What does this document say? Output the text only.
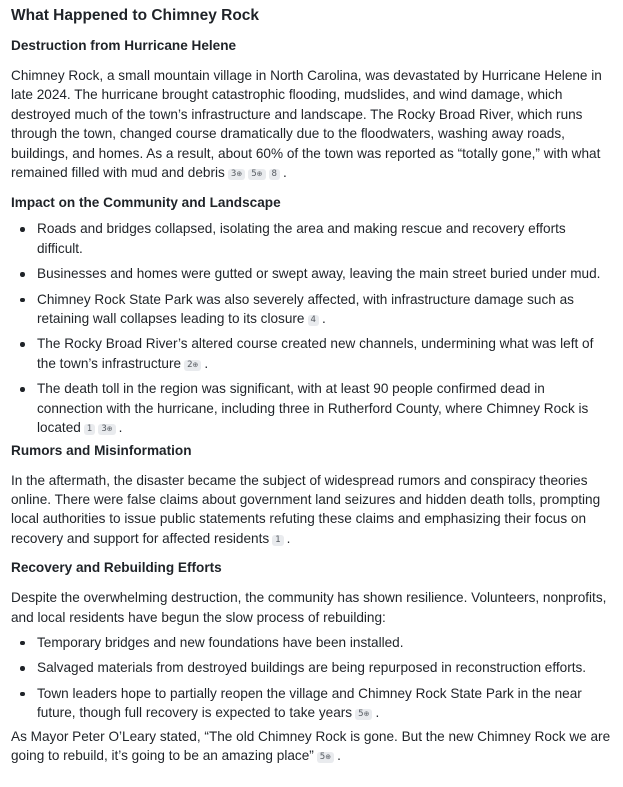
What Happened to Chimney Rock
Destruction from Hurricane Helene

Chimney Rock, a small mountain village in North Carolina, was devastated by Hurricane Helene in late 2024. The hurricane brought catastrophic flooding, mudslides, and wind damage, which destroyed much of the town’s infrastructure and landscape. The Rocky Broad River, which runs through the town, changed course dramatically due to the floodwaters, washing away roads, buildings, and homes. As a result, about 60% of the town was reported as “totally gone,” with what remained filled with mud and debris 3⊕ 5⊕ 8 .

Impact on the Community and Landscape
Roads and bridges collapsed, isolating the area and making rescue and recovery efforts difficult.
Businesses and homes were gutted or swept away, leaving the main street buried under mud.
Chimney Rock State Park was also severely affected, with infrastructure damage such as retaining wall collapses leading to its closure 4 .
The Rocky Broad River’s altered course created new channels, undermining what was left of the town’s infrastructure 2⊕ .
The death toll in the region was significant, with at least 90 people confirmed dead in connection with the hurricane, including three in Rutherford County, where Chimney Rock is located 1 3⊕ .
Rumors and Misinformation

In the aftermath, the disaster became the subject of widespread rumors and conspiracy theories online. There were false claims about government land seizures and hidden death tolls, prompting local authorities to issue public statements refuting these claims and emphasizing their focus on recovery and support for affected residents 1 .

Recovery and Rebuilding Efforts

Despite the overwhelming destruction, the community has shown resilience. Volunteers, nonprofits, and local residents have begun the slow process of rebuilding:

Temporary bridges and new foundations have been installed.
Salvaged materials from destroyed buildings are being repurposed in reconstruction efforts.
Town leaders hope to partially reopen the village and Chimney Rock State Park in the near future, though full recovery is expected to take years 5⊕ .

As Mayor Peter O’Leary stated, “The old Chimney Rock is gone. But the new Chimney Rock we are going to rebuild, it’s going to be an amazing place” 5⊕ .
